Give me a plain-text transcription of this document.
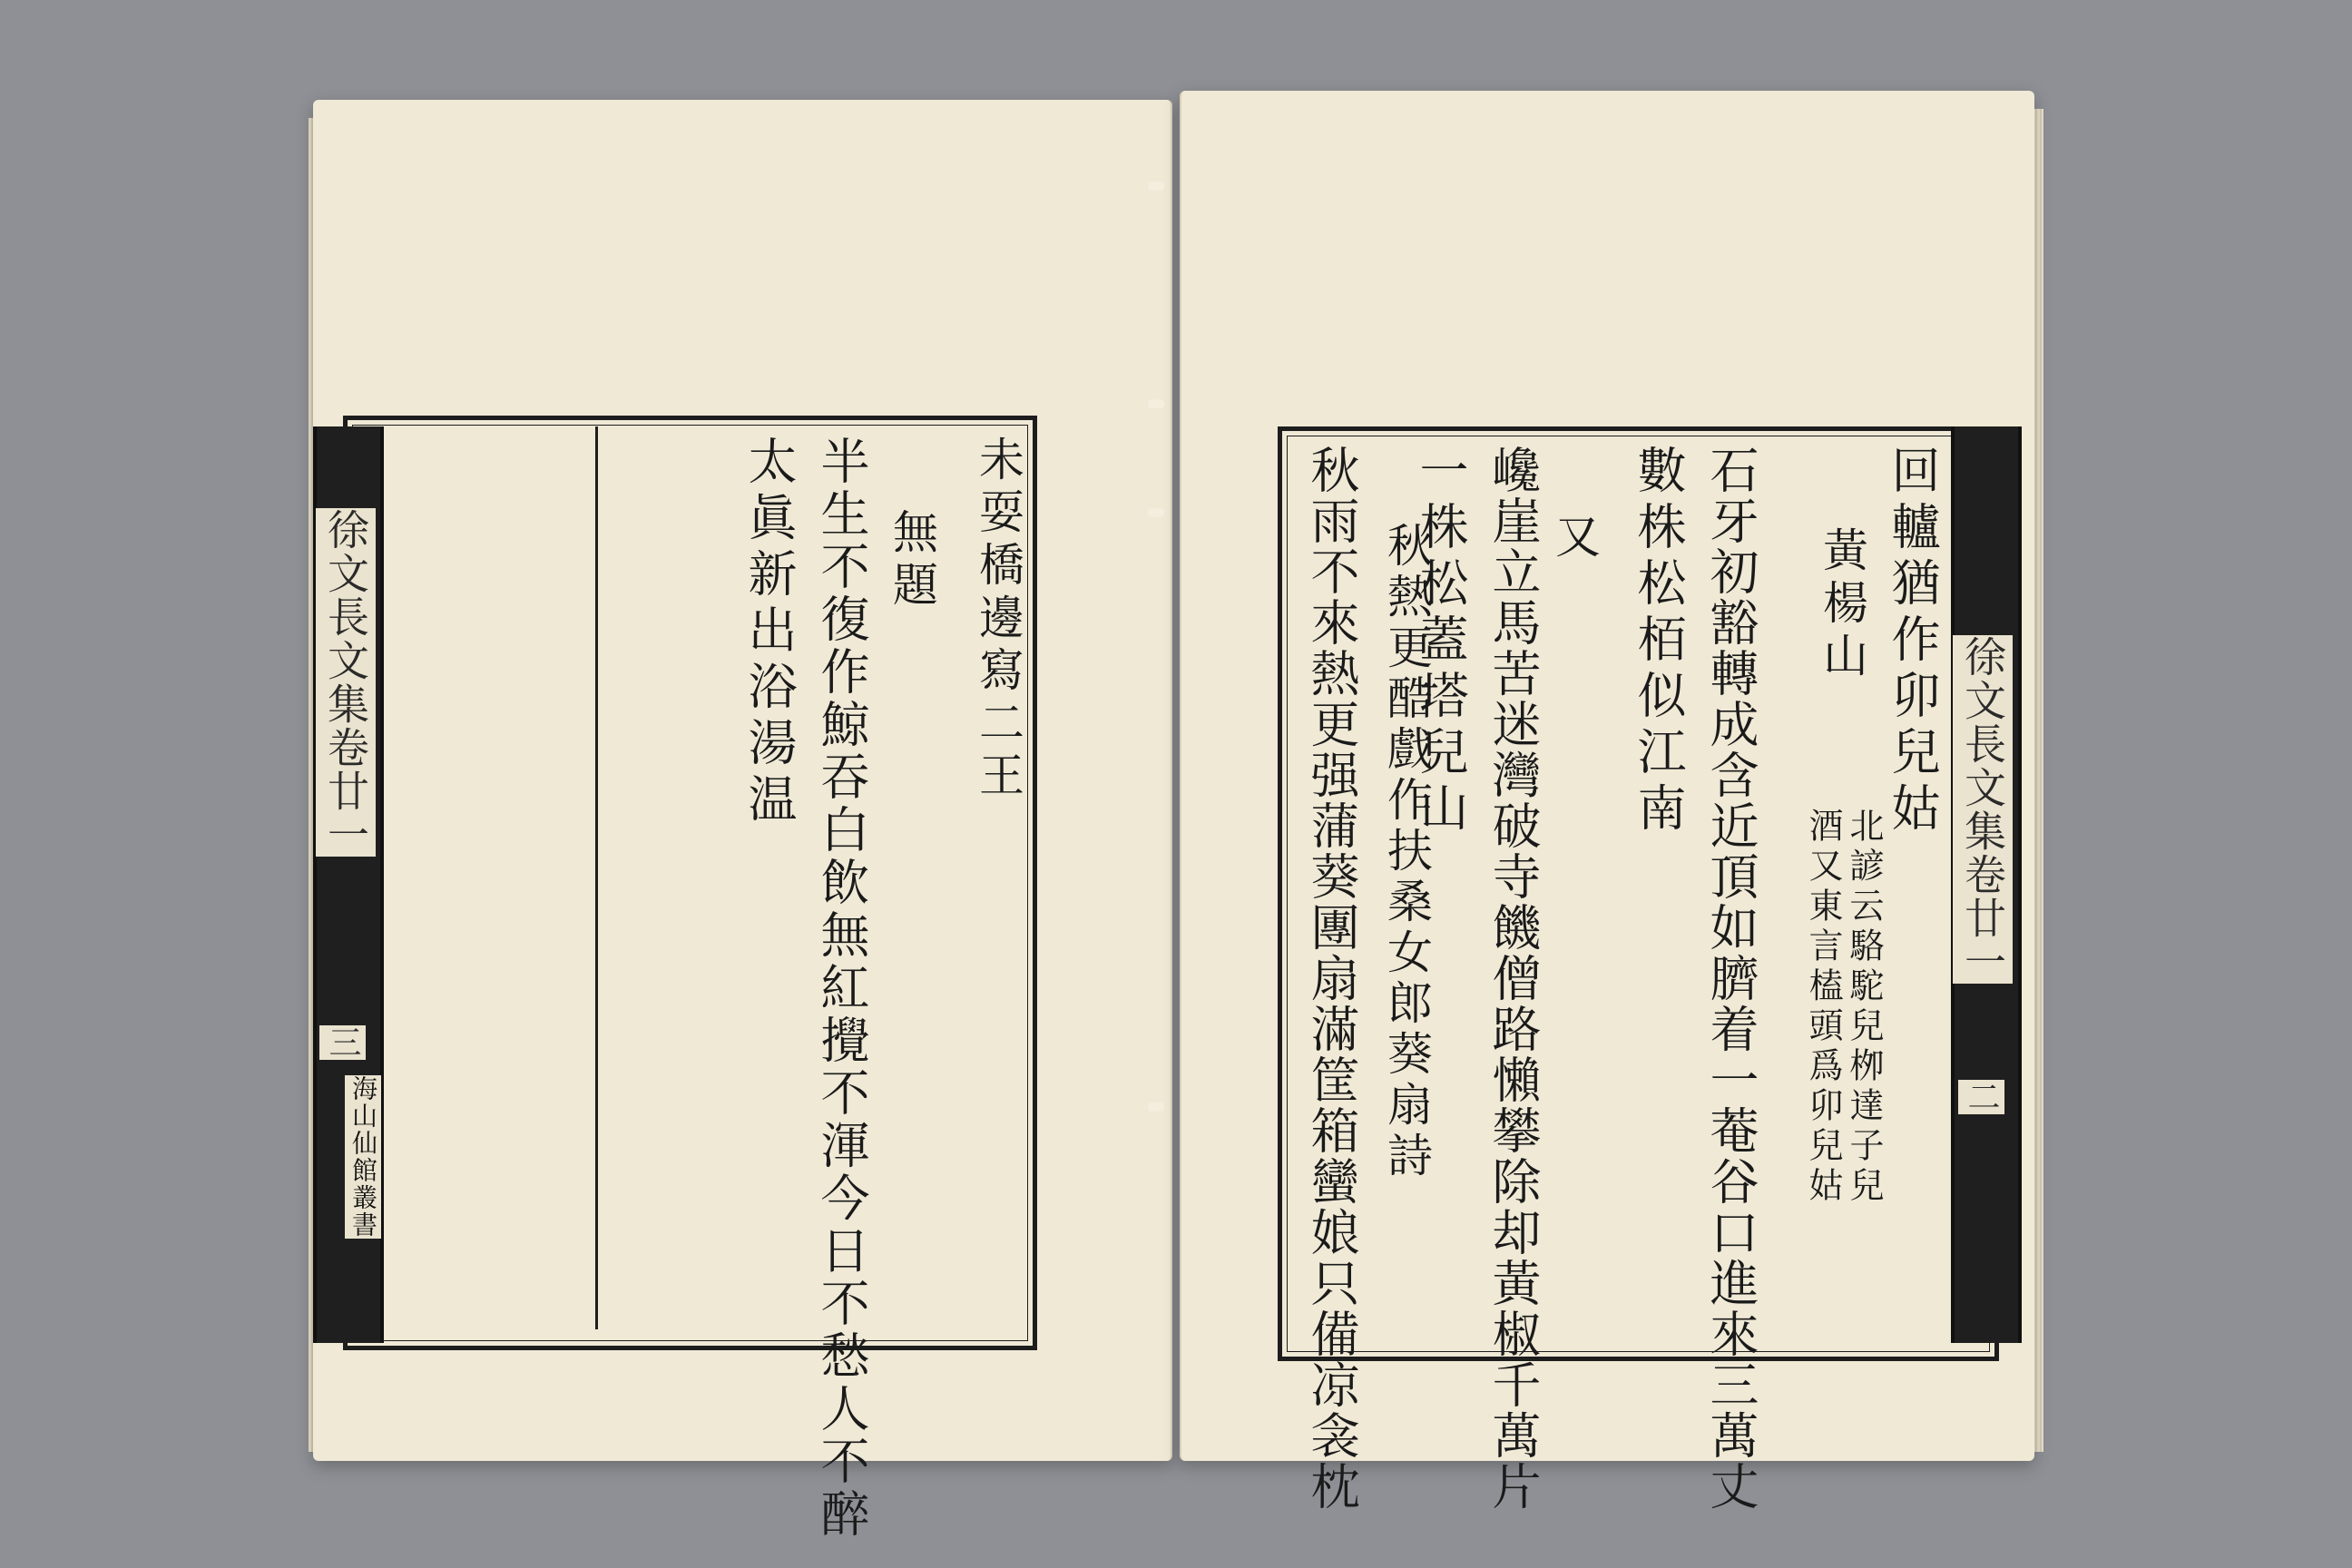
徐文長文集卷廿一
三
海山仙館叢書
未耍橋邊寫二王
無題
半生不復作鯨吞白飲無紅攪不渾今日不愁人不醉
太眞新出浴湯温	徐文長文集卷廿一
二
回轤猶作卯兒姑
北諺云駱駝兒栁達子兒
酒又東言榼頭爲卯兒姑
黃楊山
石牙初豁轉成含近頂如臍着一菴谷口進來三萬丈
數株松栢似江南
又
巉崖立馬苦迷灣破寺饑僧路懶攀除却黃椒千萬片
一株松蓋塔兒山
秋熱更酷戲作扶桑女郎葵扇詩
秋雨不來熱更强蒲葵團扇滿筐箱蠻娘只備凉衾枕
